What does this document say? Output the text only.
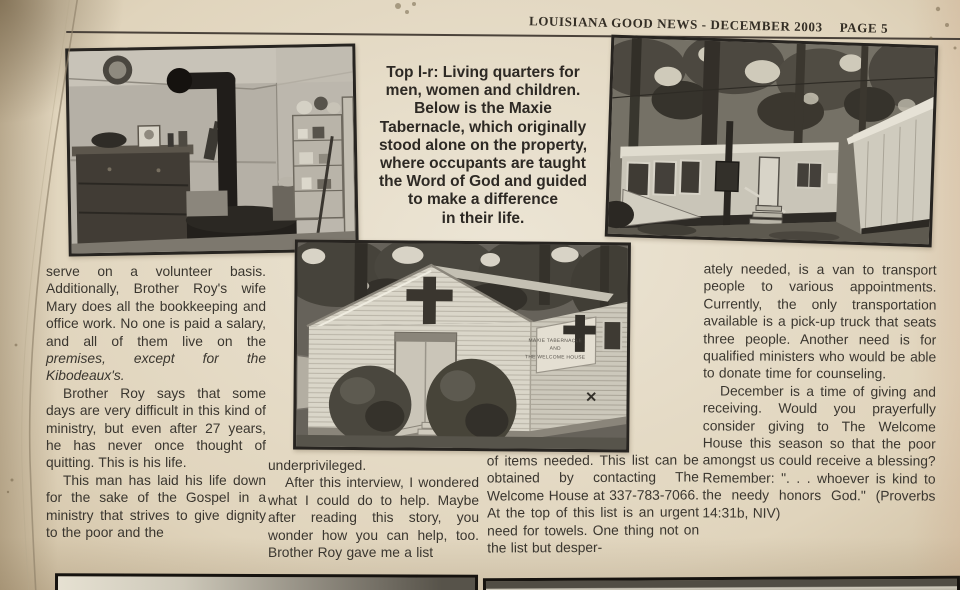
LOUISIANA GOOD NEWS - DECEMBER 2003 PAGE 5
Top l-r: Living quarters for
men, women and children.
Below is the Maxie
Tabernacle, which originally
stood alone on the property,
where occupants are taught
the Word of God and guided
to make a difference
in their life.
MAXIE TABERNACLE
AND
THE WELCOME HOUSE

serve on a volunteer basis. Additionally, Brother Roy's wife Mary does all the bookkeeping and office work. No one is paid a salary, and all of them live on the premises, except for the Kibodeaux's.

Brother Roy says that some days are very difficult in this kind of ministry, but even after 27 years, he has never once thought of quitting. This is his life.

This man has laid his life down for the sake of the Gospel in a ministry that strives to give dignity to the poor and the

underprivileged.

After this interview, I wondered what I could do to help. Maybe after reading this story, you wonder how you can help, too. Brother Roy gave me a list

of items needed. This list can be obtained by contacting The Welcome House at 337-783-7066. At the top of this list is an urgent need for towels. One thing not on the list but desper-

ately needed, is a van to transport people to various appointments. Currently, the only transportation available is a pick-up truck that seats three people. Another need is for qualified ministers who would be able to donate time for counseling.

December is a time of giving and receiving. Would you prayerfully consider giving to The Welcome House this season so that the poor amongst us could receive a blessing? Remember: ". . . whoever is kind to the needy honors God." (Proverbs 14:31b, NIV)
